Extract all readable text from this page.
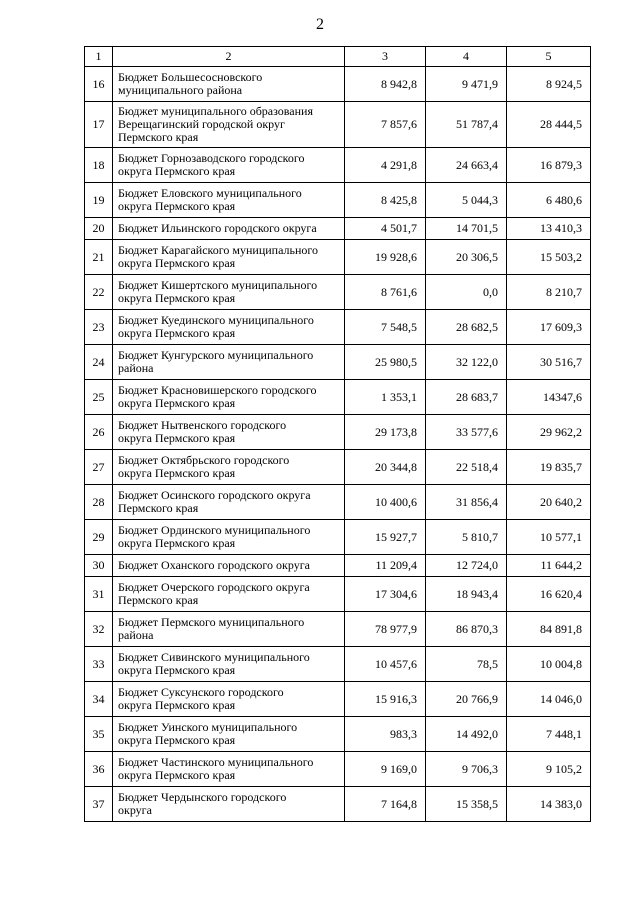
2
1	2	3	4	5
16	Бюджет Большесосновского
муниципального района	8 942,8	9 471,9	8 924,5
17	Бюджет муниципального образования
Верещагинский городской округ
Пермского края	7 857,6	51 787,4	28 444,5
18	Бюджет Горнозаводского городского
округа Пермского края	4 291,8	24 663,4	16 879,3
19	Бюджет Еловского муниципального
округа Пермского края	8 425,8	5 044,3	6 480,6
20	Бюджет Ильинского городского округа	4 501,7	14 701,5	13 410,3
21	Бюджет Карагайского муниципального
округа Пермского края	19 928,6	20 306,5	15 503,2
22	Бюджет Кишертского муниципального
округа Пермского края	8 761,6	0,0	8 210,7
23	Бюджет Куединского муниципального
округа Пермского края	7 548,5	28 682,5	17 609,3
24	Бюджет Кунгурского муниципального
района	25 980,5	32 122,0	30 516,7
25	Бюджет Красновишерского городского
округа Пермского края	1 353,1	28 683,7	14347,6
26	Бюджет Нытвенского городского
округа Пермского края	29 173,8	33 577,6	29 962,2
27	Бюджет Октябрьского городского
округа Пермского края	20 344,8	22 518,4	19 835,7
28	Бюджет Осинского городского округа
Пермского края	10 400,6	31 856,4	20 640,2
29	Бюджет Ординского муниципального
округа Пермского края	15 927,7	5 810,7	10 577,1
30	Бюджет Оханского городского округа	11 209,4	12 724,0	11 644,2
31	Бюджет Очерского городского округа
Пермского края	17 304,6	18 943,4	16 620,4
32	Бюджет Пермского муниципального
района	78 977,9	86 870,3	84 891,8
33	Бюджет Сивинского муниципального
округа Пермского края	10 457,6	78,5	10 004,8
34	Бюджет Суксунского городского
округа Пермского края	15 916,3	20 766,9	14 046,0
35	Бюджет Уинского муниципального
округа Пермского края	983,3	14 492,0	7 448,1
36	Бюджет Частинского муниципального
округа Пермского края	9 169,0	9 706,3	9 105,2
37	Бюджет Чердынского городского
округа	7 164,8	15 358,5	14 383,0
